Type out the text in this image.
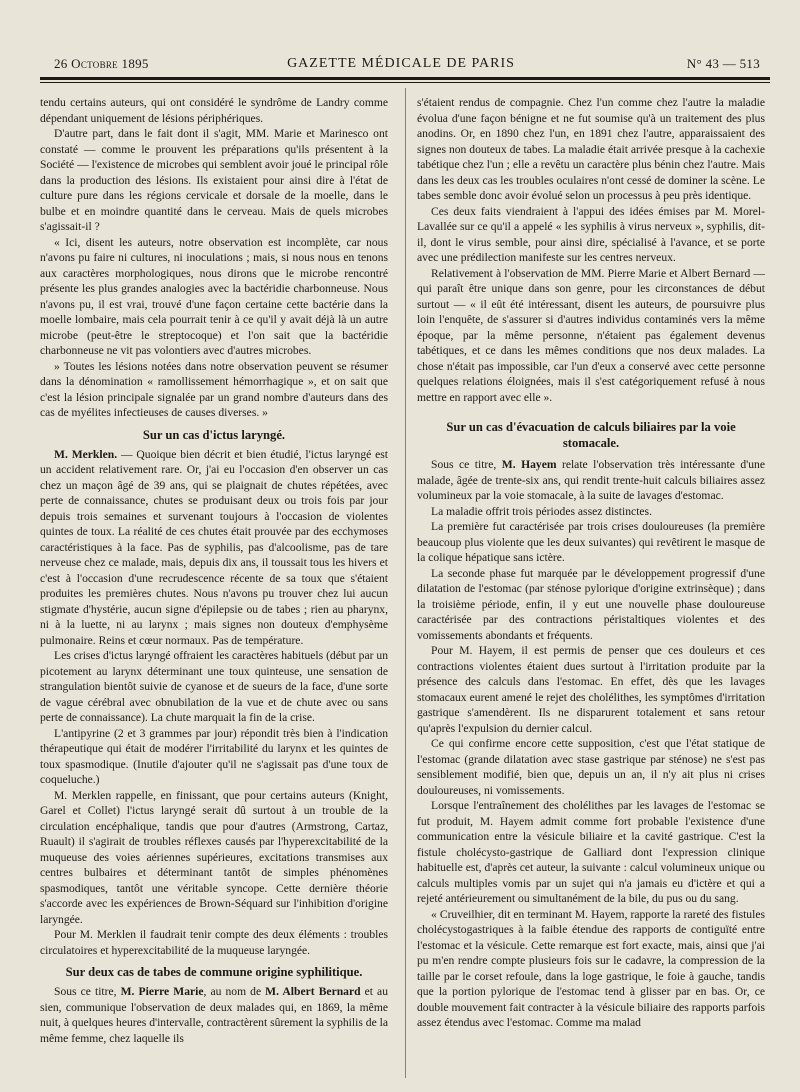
26 Octobre 1895	GAZETTE MÉDICALE DE PARIS	N° 43 — 513

tendu certains auteurs, qui ont considéré le syndrôme de Landry comme dépendant uniquement de lésions périphériques.

D'autre part, dans le fait dont il s'agit, MM. Marie et Marinesco ont constaté — comme le prouvent les préparations qu'ils présentent à la Société — l'existence de microbes qui semblent avoir joué le principal rôle dans la production des lésions. Ils existaient pour ainsi dire à l'état de culture pure dans les régions cervicale et dorsale de la moelle, dans le bulbe et en moindre quantité dans le cerveau. Mais de quels microbes s'agissait-il ?

« Ici, disent les auteurs, notre observation est incomplète, car nous n'avons pu faire ni cultures, ni inoculations ; mais, si nous nous en tenons aux caractères morphologiques, nous dirons que le microbe rencontré présente les plus grandes analogies avec la bactéridie charbonneuse. Nous n'avons pu, il est vrai, trouvé d'une façon certaine cette bactérie dans la moelle lombaire, mais cela pourrait tenir à ce qu'il y avait déjà là un autre microbe (peut-être le streptocoque) et l'on sait que la bactéridie charbonneuse ne vit pas volontiers avec d'autres microbes.

» Toutes les lésions notées dans notre observation peuvent se résumer dans la dénomination « ramollissement hémorrhagique », et on sait que c'est la lésion principale signalée par un grand nombre d'auteurs dans des cas de myélites infectieuses de causes diverses. »

Sur un cas d'ictus laryngé.

M. Merklen. — Quoique bien décrit et bien étudié, l'ictus laryngé est un accident relativement rare. Or, j'ai eu l'occasion d'en observer un cas chez un maçon âgé de 39 ans, qui se plaignait de chutes répétées, avec perte de connaissance, chutes se produisant deux ou trois fois par jour depuis trois semaines et survenant toujours à l'occasion de violentes quintes de toux. La réalité de ces chutes était prouvée par des ecchymoses caractéristiques à la face. Pas de syphilis, pas d'alcoolisme, pas de tare nerveuse chez ce malade, mais, depuis dix ans, il toussait tous les hivers et c'est à l'occasion d'une recrudescence récente de sa toux que s'étaient produites les premières chutes. Nous n'avons pu trouver chez lui aucun stigmate d'hystérie, aucun signe d'épilepsie ou de tabes ; rien au pharynx, ni à la luette, ni au larynx ; mais signes non douteux d'emphysème pulmonaire. Reins et cœur normaux. Pas de température.

Les crises d'ictus laryngé offraient les caractères habituels (début par un picotement au larynx déterminant une toux quinteuse, une sensation de strangulation bientôt suivie de cyanose et de sueurs de la face, d'une sorte de vague cérébral avec obnubilation de la vue et de chute avec ou sans perte de connaissance). La chute marquait la fin de la crise.

L'antipyrine (2 et 3 grammes par jour) répondit très bien à l'indication thérapeutique qui était de modérer l'irritabilité du larynx et les quintes de toux spasmodique. (Inutile d'ajouter qu'il ne s'agissait pas d'une toux de coqueluche.)

M. Merklen rappelle, en finissant, que pour certains auteurs (Knight, Garel et Collet) l'ictus laryngé serait dû surtout à un trouble de la circulation encéphalique, tandis que pour d'autres (Armstrong, Cartaz, Ruault) il s'agirait de troubles réflexes causés par l'hyperexcitabilité de la muqueuse des voies aériennes supérieures, excitations transmises aux centres bulbaires et déterminant tantôt de simples phénomènes spasmodiques, tantôt une véritable syncope. Cette dernière théorie s'accorde avec les expériences de Brown-Séquard sur l'inhibition d'origine laryngée.

Pour M. Merklen il faudrait tenir compte des deux éléments : troubles circulatoires et hyperexcitabilité de la muqueuse laryngée.

Sur deux cas de tabes de commune origine syphilitique.

Sous ce titre, M. Pierre Marie, au nom de M. Albert Bernard et au sien, communique l'observation de deux malades qui, en 1869, la même nuit, à quelques heures d'intervalle, contractèrent sûrement la syphilis de la même femme, chez laquelle ils

s'étaient rendus de compagnie. Chez l'un comme chez l'autre la maladie évolua d'une façon bénigne et ne fut soumise qu'à un traitement des plus anodins. Or, en 1890 chez l'un, en 1891 chez l'autre, apparaissaient des signes non douteux de tabes. La maladie était arrivée presque à la cachexie tabétique chez l'un ; elle a revêtu un caractère plus bénin chez l'autre. Mais dans les deux cas les troubles oculaires n'ont cessé de dominer la scène. Le tabes semble donc avoir évolué selon un processus à peu près identique.

Ces deux faits viendraient à l'appui des idées émises par M. Morel-Lavallée sur ce qu'il a appelé « les syphilis à virus nerveux », syphilis, dit-il, dont le virus semble, pour ainsi dire, spécialisé à l'avance, et se porte avec une prédilection manifeste sur les centres nerveux.

Relativement à l'observation de MM. Pierre Marie et Albert Bernard — qui paraît être unique dans son genre, pour les circonstances de début surtout — « il eût été intéressant, disent les auteurs, de poursuivre plus loin l'enquête, de s'assurer si d'autres individus contaminés vers la même époque, par la même personne, n'étaient pas également devenus tabétiques, et ce dans les mêmes conditions que nos deux malades. La chose n'était pas impossible, car l'un d'eux a conservé avec cette personne quelques relations éloignées, mais il s'est catégoriquement refusé à nous mettre en rapport avec elle ».

Sur un cas d'évacuation de calculs biliaires par la voie stomacale.

Sous ce titre, M. Hayem relate l'observation très intéressante d'une malade, âgée de trente-six ans, qui rendit trente-huit calculs biliaires assez volumineux par la voie stomacale, à la suite de lavages d'estomac.

La maladie offrit trois périodes assez distinctes.

La première fut caractérisée par trois crises douloureuses (la première beaucoup plus violente que les deux suivantes) qui revêtirent le masque de la colique hépatique sans ictère.

La seconde phase fut marquée par le développement progressif d'une dilatation de l'estomac (par sténose pylorique d'origine extrinsèque) ; dans la troisième période, enfin, il y eut une nouvelle phase douloureuse caractérisée par des contractions péristaltiques violentes et des vomissements abondants et fréquents.

Pour M. Hayem, il est permis de penser que ces douleurs et ces contractions violentes étaient dues surtout à l'irritation produite par la présence des calculs dans l'estomac. En effet, dès que les lavages stomacaux eurent amené le rejet des cholélithes, les symptômes d'irritation gastrique s'amendèrent. Ils ne disparurent totalement et sans retour qu'après l'expulsion du dernier calcul.

Ce qui confirme encore cette supposition, c'est que l'état statique de l'estomac (grande dilatation avec stase gastrique par sténose) ne s'est pas sensiblement modifié, bien que, depuis un an, il n'y ait plus ni crises douloureuses, ni vomissements.

Lorsque l'entraînement des cholélithes par les lavages de l'estomac se fut produit, M. Hayem admit comme fort probable l'existence d'une communication entre la vésicule biliaire et la cavité gastrique. C'est la fistule cholécysto-gastrique de Galliard dont l'expression clinique habituelle est, d'après cet auteur, la suivante : calcul volumineux unique ou calculs multiples vomis par un sujet qui n'a jamais eu d'ictère et qui a rejeté antérieurement ou simultanément de la bile, du pus ou du sang.

« Cruveilhier, dit en terminant M. Hayem, rapporte la rareté des fistules cholécystogastriques à la faible étendue des rapports de contiguïté entre l'estomac et la vésicule. Cette remarque est fort exacte, mais, ainsi que j'ai pu m'en rendre compte plusieurs fois sur le cadavre, la compression de la taille par le corset refoule, dans la loge gastrique, le foie à gauche, tandis que la portion pylorique de l'estomac tend à glisser par en bas. Or, ce double mouvement fait contracter à la vésicule biliaire des rapports parfois assez étendus avec l'estomac. Comme ma malad
